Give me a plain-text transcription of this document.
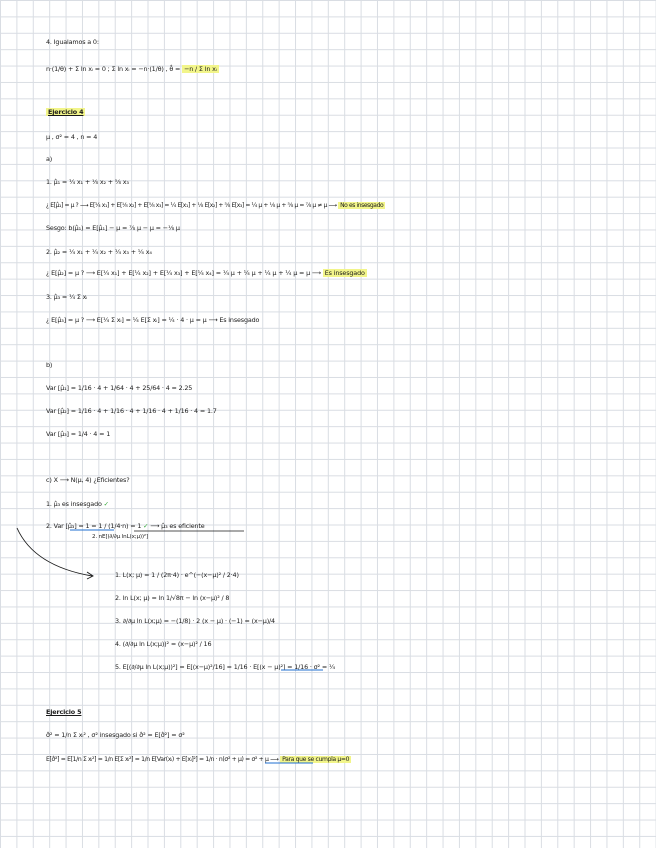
4. Igualamos a 0:
n·(1/θ) + Σ ln xᵢ = 0 ; Σ ln xᵢ = −n·(1/θ) , θ̂ = −n / Σ ln xᵢ
Ejercicio 4
μ , σ² = 4 , n = 4
a)
1. μ̂₁ = ¼ x₁ + ⅛ x₂ + ⅝ x₃
¿ E[μ̂₁] = μ ? ⟶ E[¼ x₁] + E[⅛ x₂] + E[⅝ x₃] = ¼ E[x₁] + ⅛ E[x₂] + ⅝ E[x₃] = ¼ μ + ⅛ μ + ⅝ μ = ⅞ μ ≠ μ ⟶ No es insesgado
Sesgo: b(μ̂₁) = E[μ̂₁] − μ = ⅞ μ − μ = −⅛ μ
2. μ̂₂ = ¼ x₁ + ¼ x₂ + ¼ x₃ + ¼ x₄
¿ E[μ̂₂] = μ ? ⟶ E[¼ x₁] + E[¼ x₂] + E[¼ x₃] + E[¼ x₄] = ¼ μ + ¼ μ + ¼ μ + ¼ μ = μ ⟶ Es insesgado
3. μ̂₃ = ¼ Σ xᵢ
¿ E[μ̂₃] = μ ? ⟶ E[¼ Σ xᵢ] = ¼ E[Σ xᵢ] = ¼ · 4 · μ = μ ⟶ Es insesgado
b)
Var [μ̂₁] = 1/16 · 4 + 1/64 · 4 + 25/64 · 4 = 2.25
Var [μ̂₂] = 1/16 · 4 + 1/16 · 4 + 1/16 · 4 + 1/16 · 4 = 1.7
Var [μ̂₃] = 1/4 · 4 = 1
c) X ⟶ N(μ, 4) ¿Eficientes?
1. μ̂₃ es insesgado ✓
2. Var [μ̂₃] = 1 = 1 / (1/4·n) = 1 ✓ ⟶ μ̂₃ es eficiente
2. nE[(∂/∂μ lnL(x;μ))²]
1. L(x; μ) = 1 / (2π·4) · e^(−(x−μ)² / 2·4)
2. ln L(x; μ) = ln 1/√8π − ln (x−μ)² / 8
3. ∂/∂μ ln L(x;μ) = −(1/8) · 2 (x − μ) · (−1) = (x−μ)/4
4. (∂/∂μ ln L(x;μ))² = (x−μ)² / 16
5. E[(∂/∂μ ln L(x;μ))²] = E[(x−μ)²/16] = 1/16 · E[(x − μ)²] = 1/16 · σ² = ¼
Ejercicio 5
σ̂² = 1/n Σ xᵢ² , σ² insesgado si σ̂² = E[σ̂²] = σ²
E[σ̂²] = E[1/n Σ xᵢ²] = 1/n E[Σ xᵢ²] = 1/n E[Var(xᵢ) + E[xᵢ]²] = 1/n · n(σ² + μ) = σ² + μ ⟶ Para que se cumpla μ=0
